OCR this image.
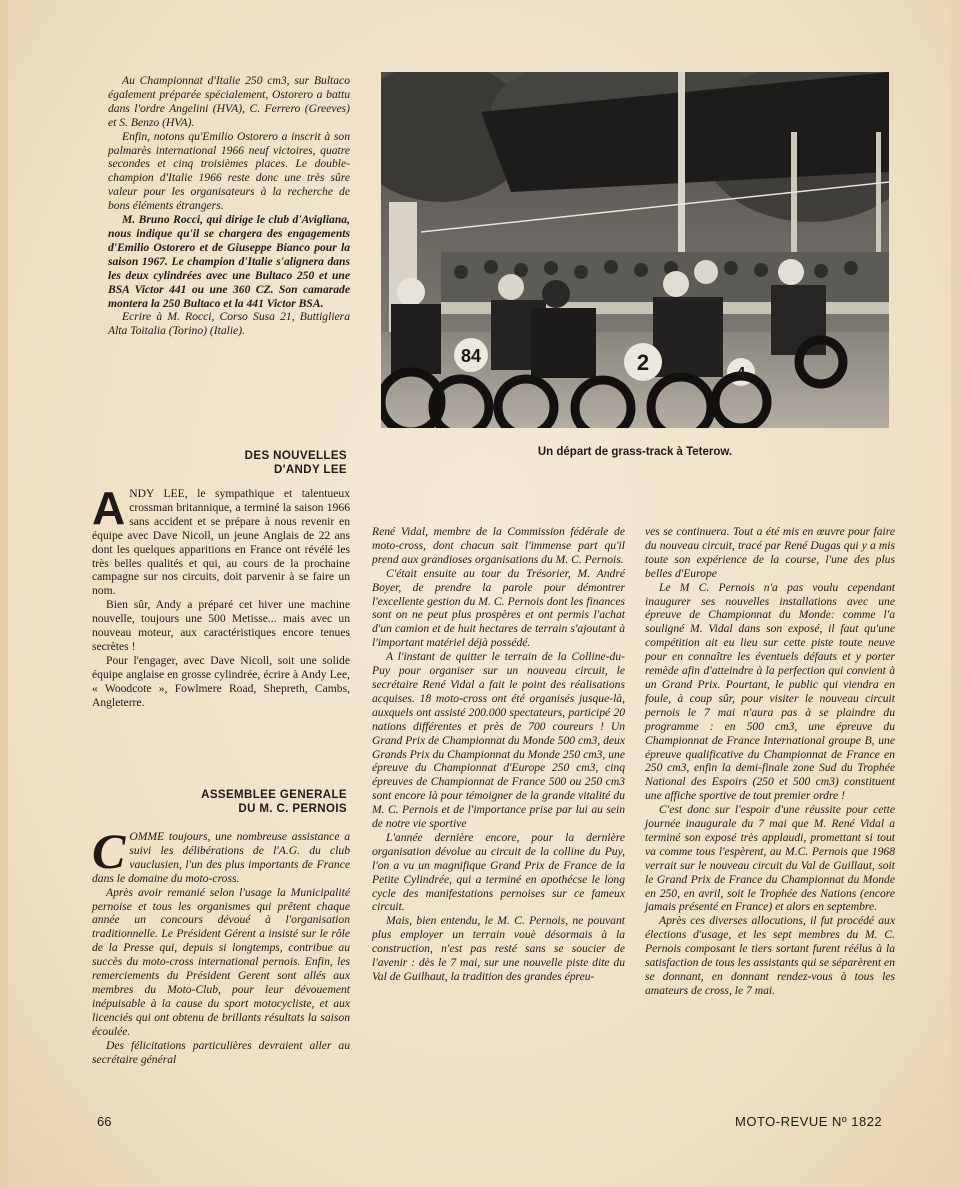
Au Championnat d'Italie 250 cm3, sur Bultaco également préparée spécialement, Ostorero a battu dans l'ordre Angelini (HVA), C. Ferrero (Greeves) et S. Benzo (HVA).

Enfin, notons qu'Emilio Ostorero a inscrit à son palmarès international 1966 neuf victoires, quatre secondes et cinq troisièmes places. Le double-champion d'Italie 1966 reste donc une très sûre valeur pour les organisateurs à la recherche de bons éléments étrangers.

M. Bruno Rocci, qui dirige le club d'Avigliana, nous indique qu'il se chargera des engagements d'Emilio Ostorero et de Giuseppe Bianco pour la saison 1967. Le champion d'Italie s'alignera dans les deux cylindrées avec une Bultaco 250 et une BSA Victor 441 ou une 360 CZ. Son camarade montera la 250 Bultaco et la 441 Victor BSA.

Ecrire à M. Rocci, Corso Susa 21, Buttigliera Alta Toitalia (Torino) (Italie).

84	2	4
Un départ de grass-track à Teterow.
DES NOUVELLES
D'ANDY LEE

ANDY LEE, le sympathique et talentueux crossman britannique, a terminé la saison 1966 sans accident et se prépare à nous revenir en équipe avec Dave Nicoll, un jeune Anglais de 22 ans dont les quelques apparitions en France ont révélé les très belles qualités et qui, au cours de la prochaine campagne sur nos circuits, doit parvenir à se faire un nom.

Bien sûr, Andy a préparé cet hiver une machine nouvelle, toujours une 500 Metisse... mais avec un nouveau moteur, aux caractéristiques encore tenues secrètes !

Pour l'engager, avec Dave Nicoll, soit une solide équipe anglaise en grosse cylindrée, écrire à Andy Lee, « Woodcote », Fowlmere Road, Shepreth, Cambs, Angleterre.

ASSEMBLEE GENERALE
DU M. C. PERNOIS

COMME toujours, une nombreuse assistance a suivi les délibérations de l'A.G. du club vauclusien, l'un des plus importants de France dans le domaine du moto-cross.

Après avoir remanié selon l'usage la Municipalité pernoise et tous les organismes qui prêtent chaque année un concours dévoué à l'organisation traditionnelle. Le Président Gérent a insisté sur le rôle de la Presse qui, depuis si longtemps, contribue au succès du moto-cross international pernois. Enfin, les remerciements du Président Gerent sont allés aux membres du Moto-Club, pour leur dévouement inépuisable à la cause du sport motocycliste, et aux licenciés qui ont obtenu de brillants résultats la saison écoulée.

Des félicitations particulières devraient aller au secrétaire général

René Vidal, membre de la Commission fédérale de moto-cross, dont chacun sait l'immense part qu'il prend aux grandioses organisations du M. C. Pernois.

C'était ensuite au tour du Trésorier, M. André Boyer, de prendre la parole pour démontrer l'excellente gestion du M. C. Pernois dont les finances sont on ne peut plus prospères et ont permis l'achat d'un camion et de huit hectares de terrain s'ajoutant à l'important matériel déjà possédé.

A l'instant de quitter le terrain de la Colline-du-Puy pour organiser sur un nouveau circuit, le secrétaire René Vidal a fait le point des réalisations acquises. 18 moto-cross ont été organisés jusque-là, auxquels ont assisté 200.000 spectateurs, participé 20 nations différentes et près de 700 coureurs ! Un Grand Prix de Championnat du Monde 500 cm3, deux Grands Prix du Championnat du Monde 250 cm3, une épreuve du Championnat d'Europe 250 cm3, cinq épreuves de Championnat de France 500 ou 250 cm3 sont encore là pour témoigner de la grande vitalité du M. C. Pernois et de l'importance prise par lui au sein de notre vie sportive

L'année dernière encore, pour la dernière organisation dévolue au circuit de la colline du Puy, l'on a vu un magnifique Grand Prix de France de la Petite Cylindrée, qui a terminé en apothécse le long cycle des manifestations pernoises sur ce fameux circuit.

Mais, bien entendu, le M. C. Pernois, ne pouvant plus employer un terrain vouè désormais à la construction, n'est pas resté sans se soucier de l'avenir : dès le 7 mai, sur une nouvelle piste dite du Val de Guilhaut, la tradition des grandes épreu-

ves se continuera. Tout a été mis en œuvre pour faire du nouveau circuit, tracé par René Dugas qui y a mis toute son expérience de la course, l'une des plus belles d'Europe

Le M C. Pernois n'a pas voulu cependant inaugurer ses nouvelles installations avec une épreuve de Championnat du Monde: comme l'a souligné M. Vidal dans son exposé, il faut qu'une compétition ait eu lieu sur cette piste toute neuve pour en connaître les éventuels défauts et y porter remède afin d'atteindre à la perfection qui convient à un Grand Prix. Pourtant, le public qui viendra en foule, à coup sûr, pour visiter le nouveau circuit pernois le 7 mai n'aura pas à se plaindre du programme : en 500 cm3, une épreuve du Championnat de France International groupe B, une épreuve qualificative du Championnat de France en 250 cm3, enfin la demi-finale zone Sud du Trophée National des Espoirs (250 et 500 cm3) constituent une affiche sportive de tout premier ordre !

C'est donc sur l'espoir d'une réussite pour cette journée inaugurale du 7 mai que M. René Vidal a terminé son exposé très applaudi, promettant si tout va comme tous l'espèrent, au M.C. Pernois que 1968 verrait sur le nouveau circuit du Val de Guillaut, soit le Grand Prix de France du Championnat du Monde en 250, en avril, soit le Trophée des Nations (encore jamais présenté en France) et alors en septembre.

Après ces diverses allocutions, il fut procédé aux élections d'usage, et les sept membres du M. C. Pernois composant le tiers sortant furent réélus à la satisfaction de tous les assistants qui se séparèrent en se donnant, en donnant rendez-vous à tous les amateurs de cross, le 7 mai.

66	MOTO-REVUE Nº 1822
